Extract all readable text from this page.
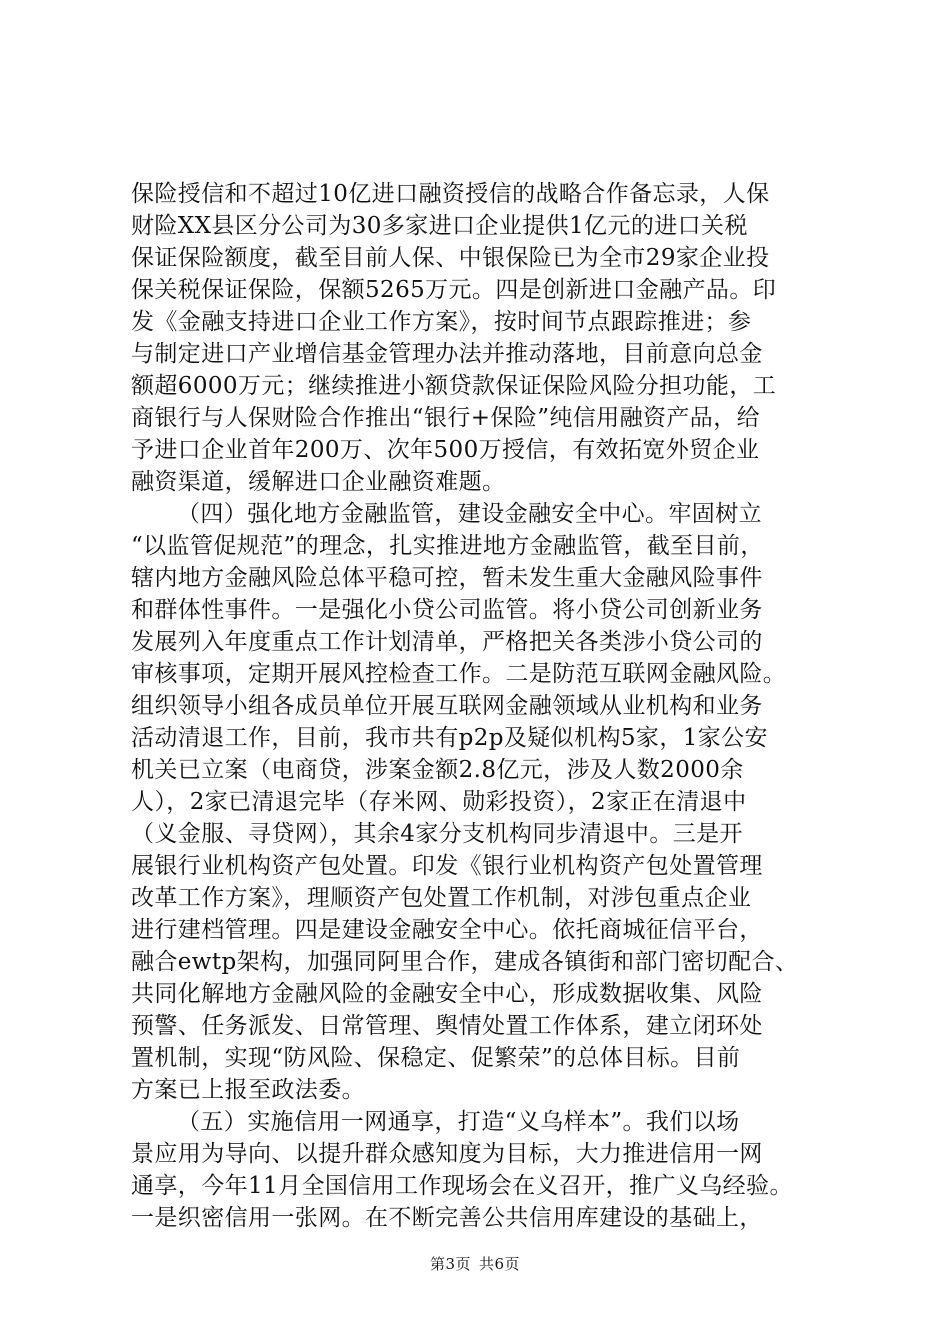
保险授信和不超过10亿进口融资授信的战略合作备忘录，人保

财险XX县区分公司为30多家进口企业提供1亿元的进口关税

保证保险额度，截至目前人保、中银保险已为全市29家企业投

保关税保证保险，保额5265万元。四是创新进口金融产品。印

发《金融支持进口企业工作方案》，按时间节点跟踪推进；参

与制定进口产业增信基金管理办法并推动落地，目前意向总金

额超6000万元；继续推进小额贷款保证保险风险分担功能，工

商银行与人保财险合作推出“银行+保险”纯信用融资产品，给

予进口企业首年200万、次年500万授信，有效拓宽外贸企业

融资渠道，缓解进口企业融资难题。

（四）强化地方金融监管，建设金融安全中心。牢固树立

“以监管促规范”的理念，扎实推进地方金融监管，截至目前，

辖内地方金融风险总体平稳可控，暂未发生重大金融风险事件

和群体性事件。一是强化小贷公司监管。将小贷公司创新业务

发展列入年度重点工作计划清单，严格把关各类涉小贷公司的

审核事项，定期开展风控检查工作。二是防范互联网金融风险。

组织领导小组各成员单位开展互联网金融领域从业机构和业务

活动清退工作，目前，我市共有p2p及疑似机构5家，1家公安

机关已立案（电商贷，涉案金额2.8亿元，涉及人数2000余

人），2家已清退完毕（存米网、勋彩投资），2家正在清退中

（义金服、寻贷网），其余4家分支机构同步清退中。三是开

展银行业机构资产包处置。印发《银行业机构资产包处置管理

改革工作方案》，理顺资产包处置工作机制，对涉包重点企业

进行建档管理。四是建设金融安全中心。依托商城征信平台，

融合ewtp架构，加强同阿里合作，建成各镇街和部门密切配合、

共同化解地方金融风险的金融安全中心，形成数据收集、风险

预警、任务派发、日常管理、舆情处置工作体系，建立闭环处

置机制，实现“防风险、保稳定、促繁荣”的总体目标。目前

方案已上报至政法委。

（五）实施信用一网通享，打造“义乌样本”。我们以场

景应用为导向、以提升群众感知度为目标，大力推进信用一网

通享，今年11月全国信用工作现场会在义召开，推广义乌经验。

一是织密信用一张网。在不断完善公共信用库建设的基础上，

第3页 共6页
